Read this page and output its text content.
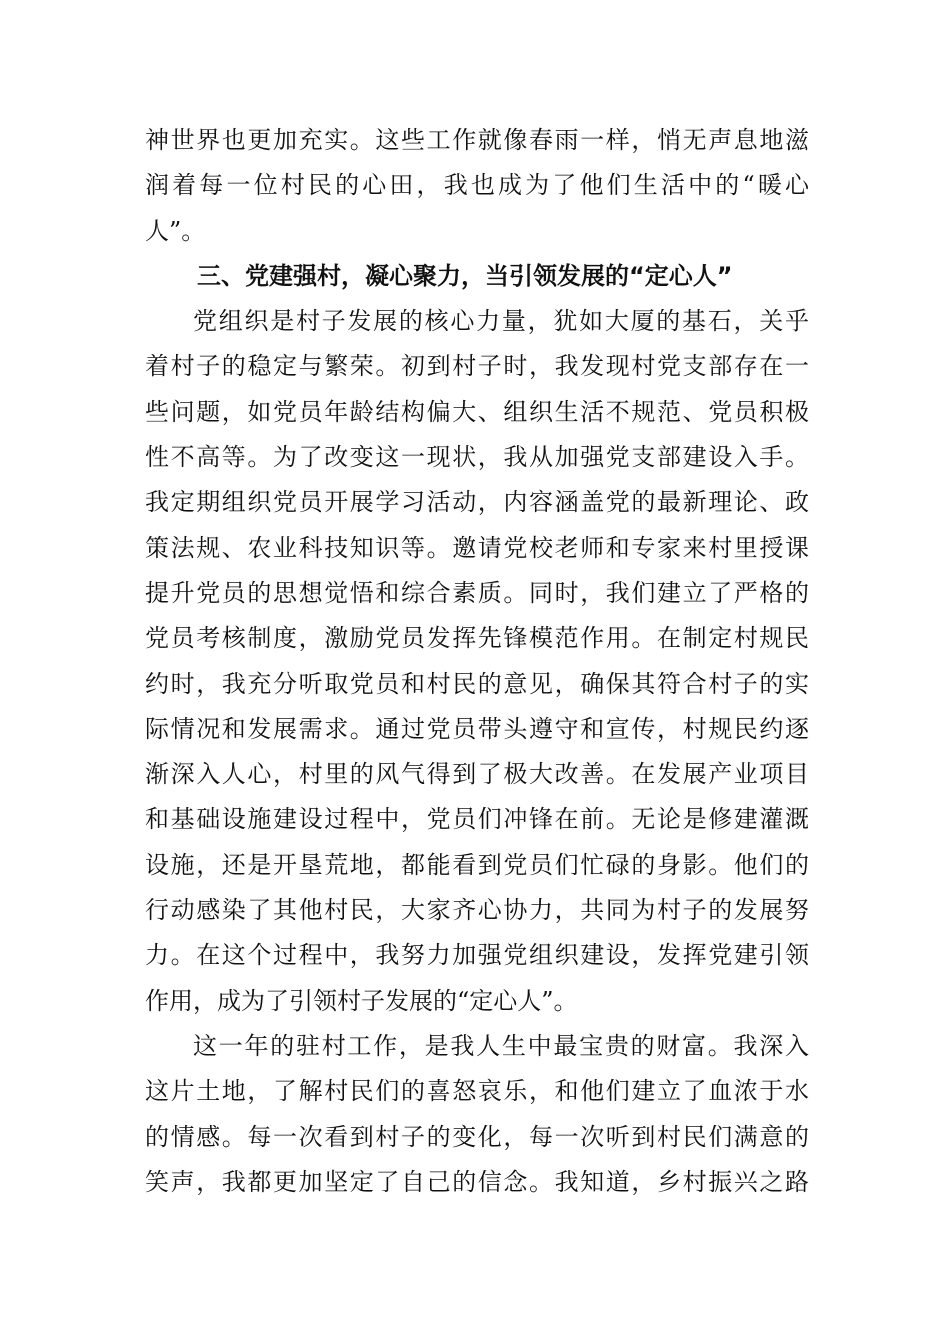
神世界也更加充实。这些工作就像春雨一样，悄无声息地滋
润着每一位村民的心田，我也成为了他们生活中的“暖心
人”。
三、党建强村，凝心聚力，当引领发展的“定心人”
党组织是村子发展的核心力量，犹如大厦的基石，关乎
着村子的稳定与繁荣。初到村子时，我发现村党支部存在一
些问题，如党员年龄结构偏大、组织生活不规范、党员积极
性不高等。为了改变这一现状，我从加强党支部建设入手。
我定期组织党员开展学习活动，内容涵盖党的最新理论、政
策法规、农业科技知识等。邀请党校老师和专家来村里授课
提升党员的思想觉悟和综合素质。同时，我们建立了严格的
党员考核制度，激励党员发挥先锋模范作用。在制定村规民
约时，我充分听取党员和村民的意见，确保其符合村子的实
际情况和发展需求。通过党员带头遵守和宣传，村规民约逐
渐深入人心，村里的风气得到了极大改善。在发展产业项目
和基础设施建设过程中，党员们冲锋在前。无论是修建灌溉
设施，还是开垦荒地，都能看到党员们忙碌的身影。他们的
行动感染了其他村民，大家齐心协力，共同为村子的发展努
力。在这个过程中，我努力加强党组织建设，发挥党建引领
作用，成为了引领村子发展的“定心人”。
这一年的驻村工作，是我人生中最宝贵的财富。我深入
这片土地，了解村民们的喜怒哀乐，和他们建立了血浓于水
的情感。每一次看到村子的变化，每一次听到村民们满意的
笑声，我都更加坚定了自己的信念。我知道，乡村振兴之路
